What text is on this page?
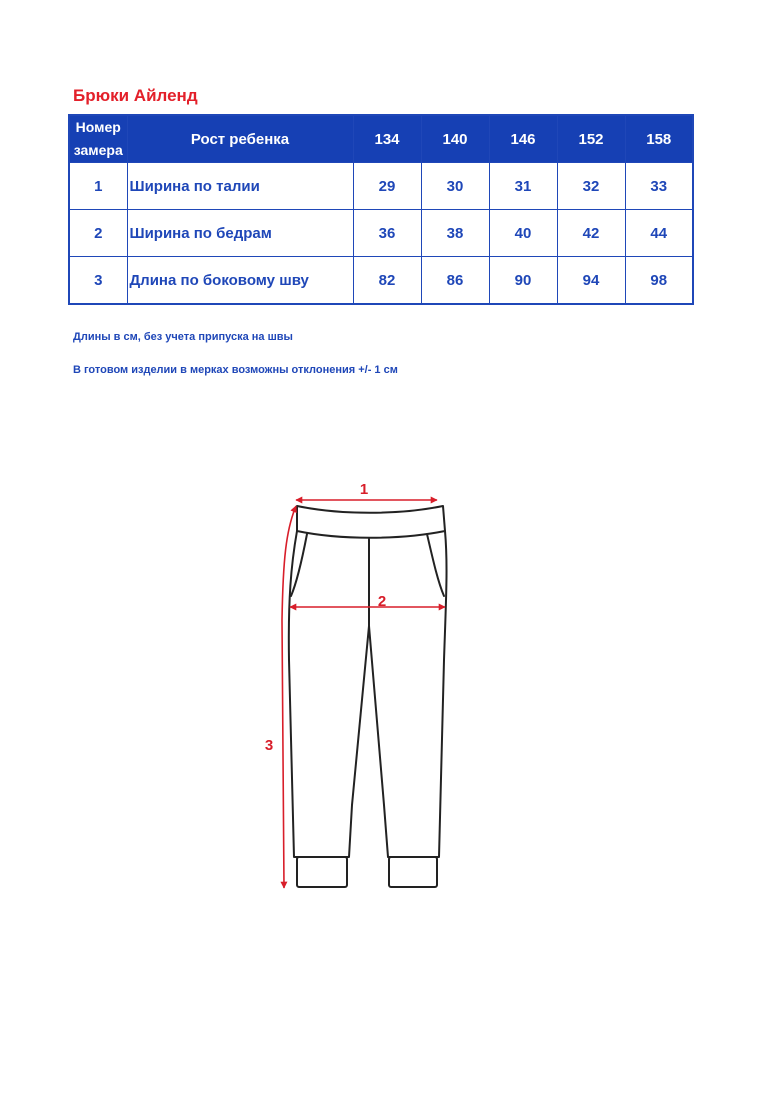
Брюки Айленд
Номер
замера	Рост ребенка	134	140	146	152	158
1	Ширина по талии	29	30	31	32	33
2	Ширина по бедрам	36	38	40	42	44
3	Длина по боковому шву	82	86	90	94	98

Длины в см, без учета припуска на швы

В готовом изделии в мерках возможны отклонения +/- 1 см

1
2
3
